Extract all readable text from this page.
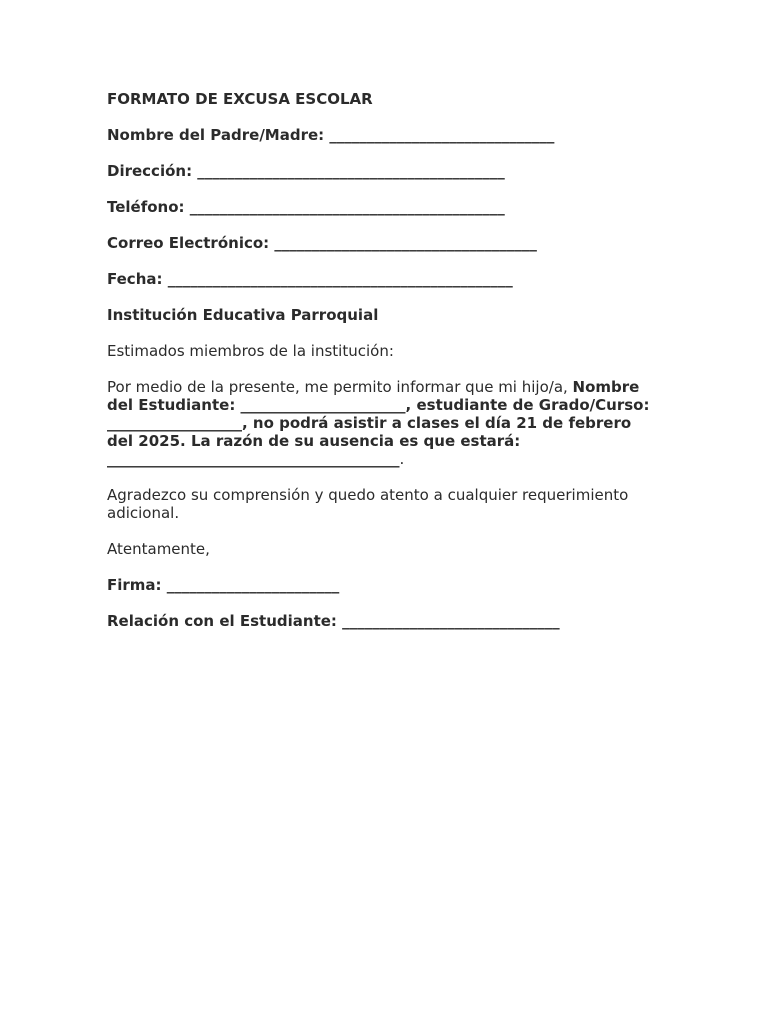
FORMATO DE EXCUSA ESCOLAR

Nombre del Padre/Madre: ______________________________

Dirección: _________________________________________

Teléfono: __________________________________________

Correo Electrónico: ___________________________________

Fecha: ______________________________________________

Institución Educativa Parroquial

Estimados miembros de la institución:

Por medio de la presente, me permito informar que mi hijo/a, Nombre del Estudiante: ______________________, estudiante de Grado/Curso: __________________, no podrá asistir a clases el día 21 de febrero del 2025. La razón de su ausencia es que estará: _______________________________________.

Agradezco su comprensión y quedo atento a cualquier requerimiento adicional.

Atentamente,

Firma: _______________________

Relación con el Estudiante: _____________________________
